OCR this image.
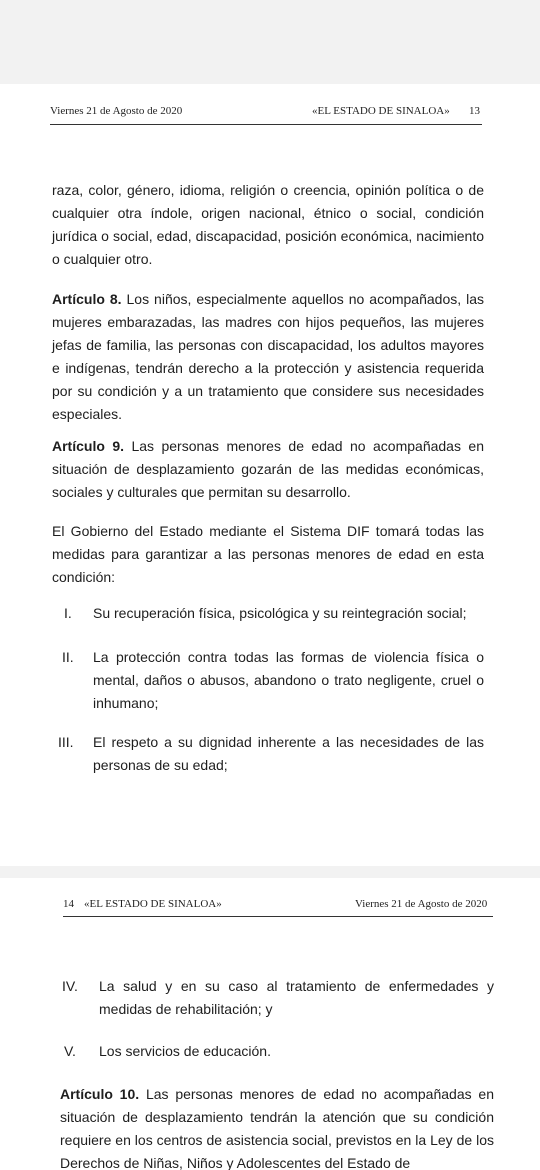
Viernes 21 de Agosto de 2020	«EL ESTADO DE SINALOA» 13

raza, color, género, idioma, religión o creencia, opinión política o de cualquier otra índole, origen nacional, étnico o social, condición jurídica o social, edad, discapacidad, posición económica, nacimiento o cualquier otro.

Artículo 8. Los niños, especialmente aquellos no acompañados, las mujeres embarazadas, las madres con hijos pequeños, las mujeres jefas de familia, las personas con discapacidad, los adultos mayores e indígenas, tendrán derecho a la protección y asistencia requerida por su condición y a un tratamiento que considere sus necesidades especiales.

Artículo 9. Las personas menores de edad no acompañadas en situación de desplazamiento gozarán de las medidas económicas, sociales y culturales que permitan su desarrollo.

El Gobierno del Estado mediante el Sistema DIF tomará todas las medidas para garantizar a las personas menores de edad en esta condición:

I.	Su recuperación física, psicológica y su reintegración social;
II.	La protección contra todas las formas de violencia física o mental, daños o abusos, abandono o trato negligente, cruel o inhumano;
III.	El respeto a su dignidad inherente a las necesidades de las personas de su edad;
14 «EL ESTADO DE SINALOA»	Viernes 21 de Agosto de 2020
IV.	La salud y en su caso al tratamiento de enfermedades y medidas de rehabilitación; y
V.	Los servicios de educación.

Artículo 10. Las personas menores de edad no acompañadas en situación de desplazamiento tendrán la atención que su condición requiere en los centros de asistencia social, previstos en la Ley de los Derechos de Niñas, Niños y Adolescentes del Estado de
